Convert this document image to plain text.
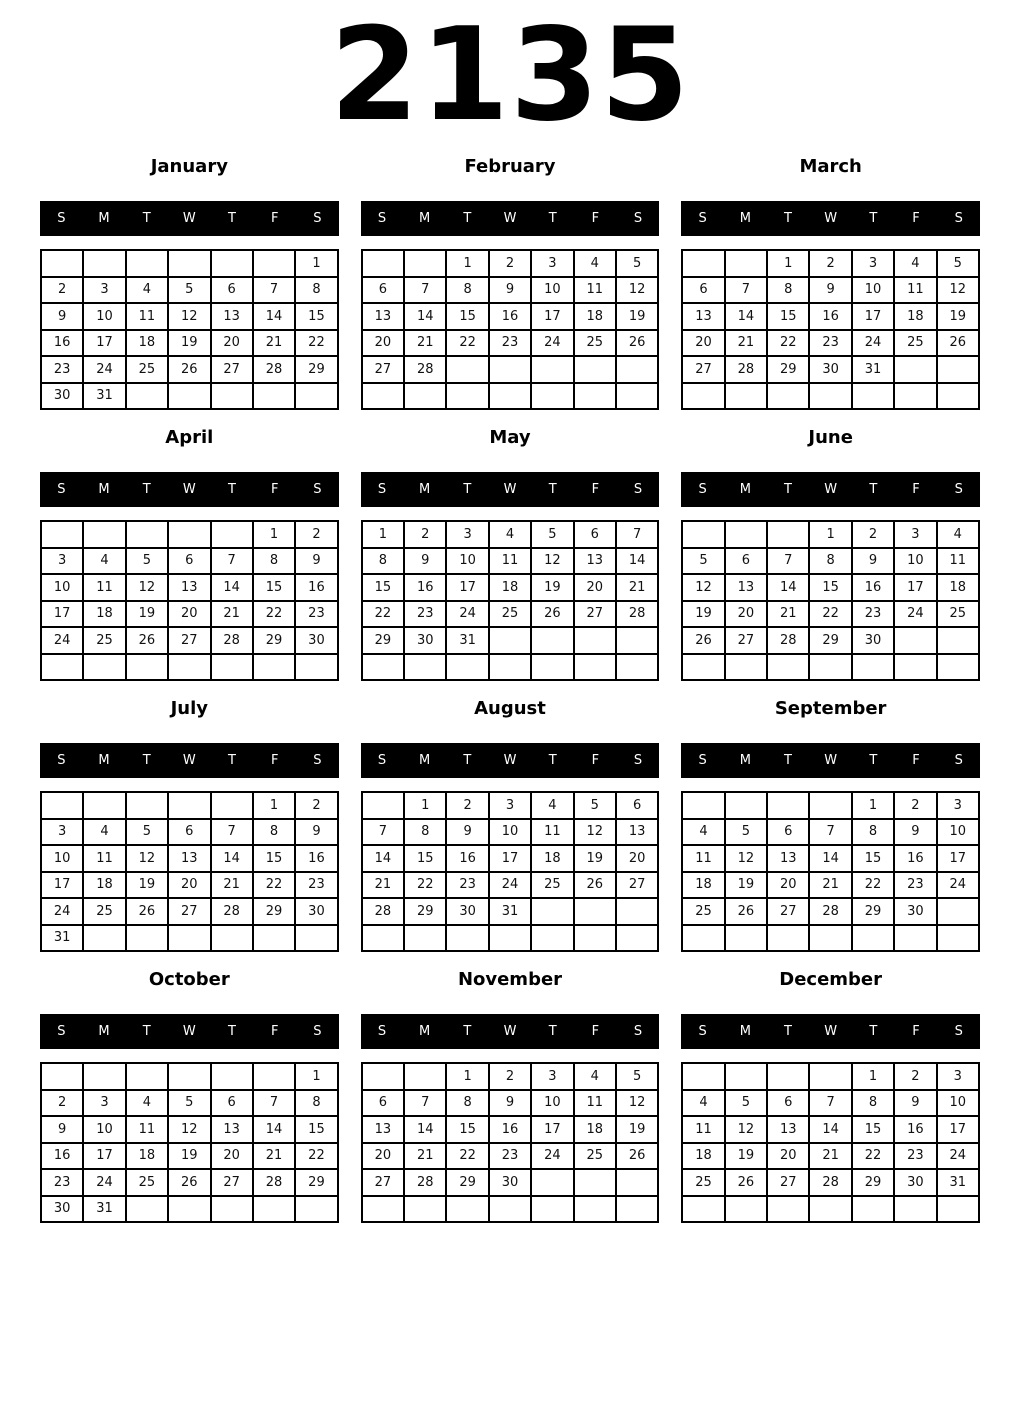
2135
January
S	M	T	W	T	F	S
						1
2	3	4	5	6	7	8
9	10	11	12	13	14	15
16	17	18	19	20	21	22
23	24	25	26	27	28	29
30	31					
February
S	M	T	W	T	F	S
		1	2	3	4	5
6	7	8	9	10	11	12
13	14	15	16	17	18	19
20	21	22	23	24	25	26
27	28					

March
S	M	T	W	T	F	S
		1	2	3	4	5
6	7	8	9	10	11	12
13	14	15	16	17	18	19
20	21	22	23	24	25	26
27	28	29	30	31		

April
S	M	T	W	T	F	S
					1	2
3	4	5	6	7	8	9
10	11	12	13	14	15	16
17	18	19	20	21	22	23
24	25	26	27	28	29	30

May
S	M	T	W	T	F	S
1	2	3	4	5	6	7
8	9	10	11	12	13	14
15	16	17	18	19	20	21
22	23	24	25	26	27	28
29	30	31				

June
S	M	T	W	T	F	S
			1	2	3	4
5	6	7	8	9	10	11
12	13	14	15	16	17	18
19	20	21	22	23	24	25
26	27	28	29	30		

July
S	M	T	W	T	F	S
					1	2
3	4	5	6	7	8	9
10	11	12	13	14	15	16
17	18	19	20	21	22	23
24	25	26	27	28	29	30
31						
August
S	M	T	W	T	F	S
	1	2	3	4	5	6
7	8	9	10	11	12	13
14	15	16	17	18	19	20
21	22	23	24	25	26	27
28	29	30	31			

September
S	M	T	W	T	F	S
				1	2	3
4	5	6	7	8	9	10
11	12	13	14	15	16	17
18	19	20	21	22	23	24
25	26	27	28	29	30	

October
S	M	T	W	T	F	S
						1
2	3	4	5	6	7	8
9	10	11	12	13	14	15
16	17	18	19	20	21	22
23	24	25	26	27	28	29
30	31					
November
S	M	T	W	T	F	S
		1	2	3	4	5
6	7	8	9	10	11	12
13	14	15	16	17	18	19
20	21	22	23	24	25	26
27	28	29	30			

December
S	M	T	W	T	F	S
				1	2	3
4	5	6	7	8	9	10
11	12	13	14	15	16	17
18	19	20	21	22	23	24
25	26	27	28	29	30	31
